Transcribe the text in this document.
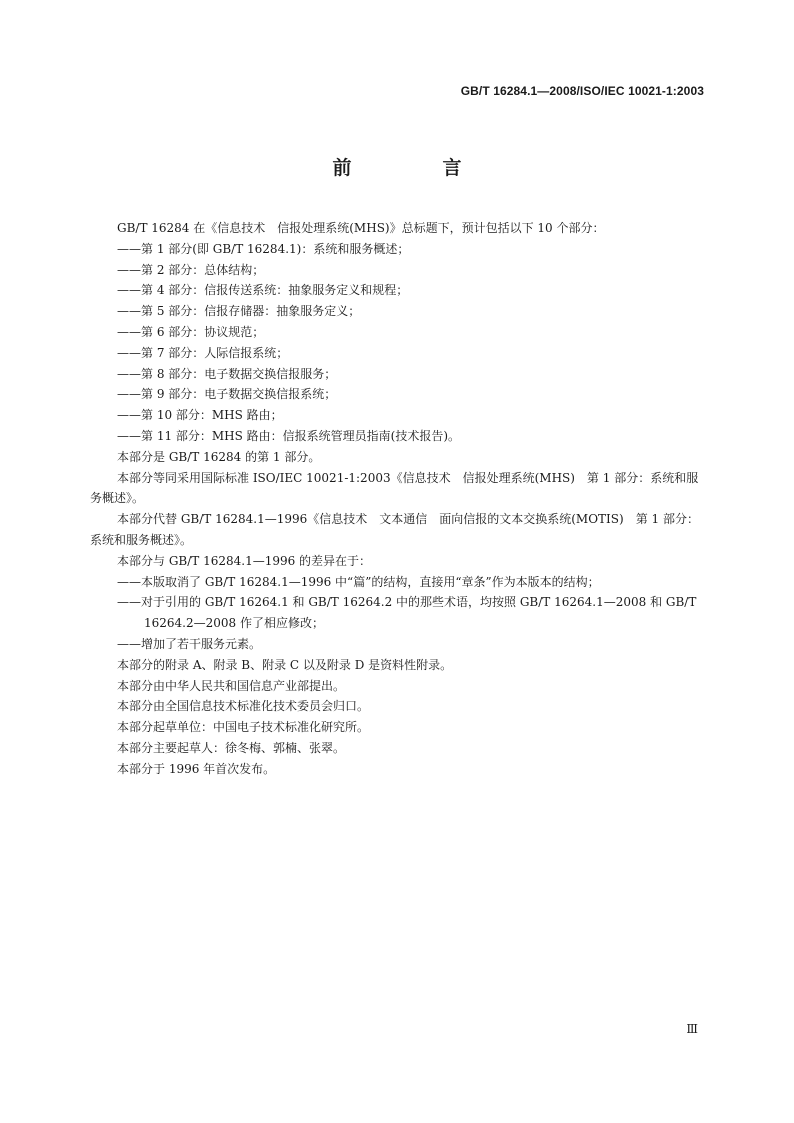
GB/T 16284.1—2008/ISO/IEC 10021-1:2003
前　言

GB/T 16284 在《信息技术　信报处理系统(MHS)》总标题下，预计包括以下 10 个部分：

——第 1 部分(即 GB/T 16284.1)：系统和服务概述；

——第 2 部分：总体结构；

——第 4 部分：信报传送系统：抽象服务定义和规程；

——第 5 部分：信报存储器：抽象服务定义；

——第 6 部分：协议规范；

——第 7 部分：人际信报系统；

——第 8 部分：电子数据交换信报服务；

——第 9 部分：电子数据交换信报系统；

——第 10 部分：MHS 路由；

——第 11 部分：MHS 路由：信报系统管理员指南(技术报告)。

本部分是 GB/T 16284 的第 1 部分。

本部分等同采用国际标准 ISO/IEC 10021-1:2003《信息技术　信报处理系统(MHS)　第 1 部分：系统和服务概述》。

本部分代替 GB/T 16284.1—1996《信息技术　文本通信　面向信报的文本交换系统(MOTIS)　第 1 部分：系统和服务概述》。

本部分与 GB/T 16284.1—1996 的差异在于：

——本版取消了 GB/T 16284.1—1996 中“篇”的结构，直接用“章条”作为本版本的结构；

——对于引用的 GB/T 16264.1 和 GB/T 16264.2 中的那些术语，均按照 GB/T 16264.1—2008 和 GB/T 16264.2—2008 作了相应修改；

——增加了若干服务元素。

本部分的附录 A、附录 B、附录 C 以及附录 D 是资料性附录。

本部分由中华人民共和国信息产业部提出。

本部分由全国信息技术标准化技术委员会归口。

本部分起草单位：中国电子技术标准化研究所。

本部分主要起草人：徐冬梅、郭楠、张翠。

本部分于 1996 年首次发布。

Ⅲ
